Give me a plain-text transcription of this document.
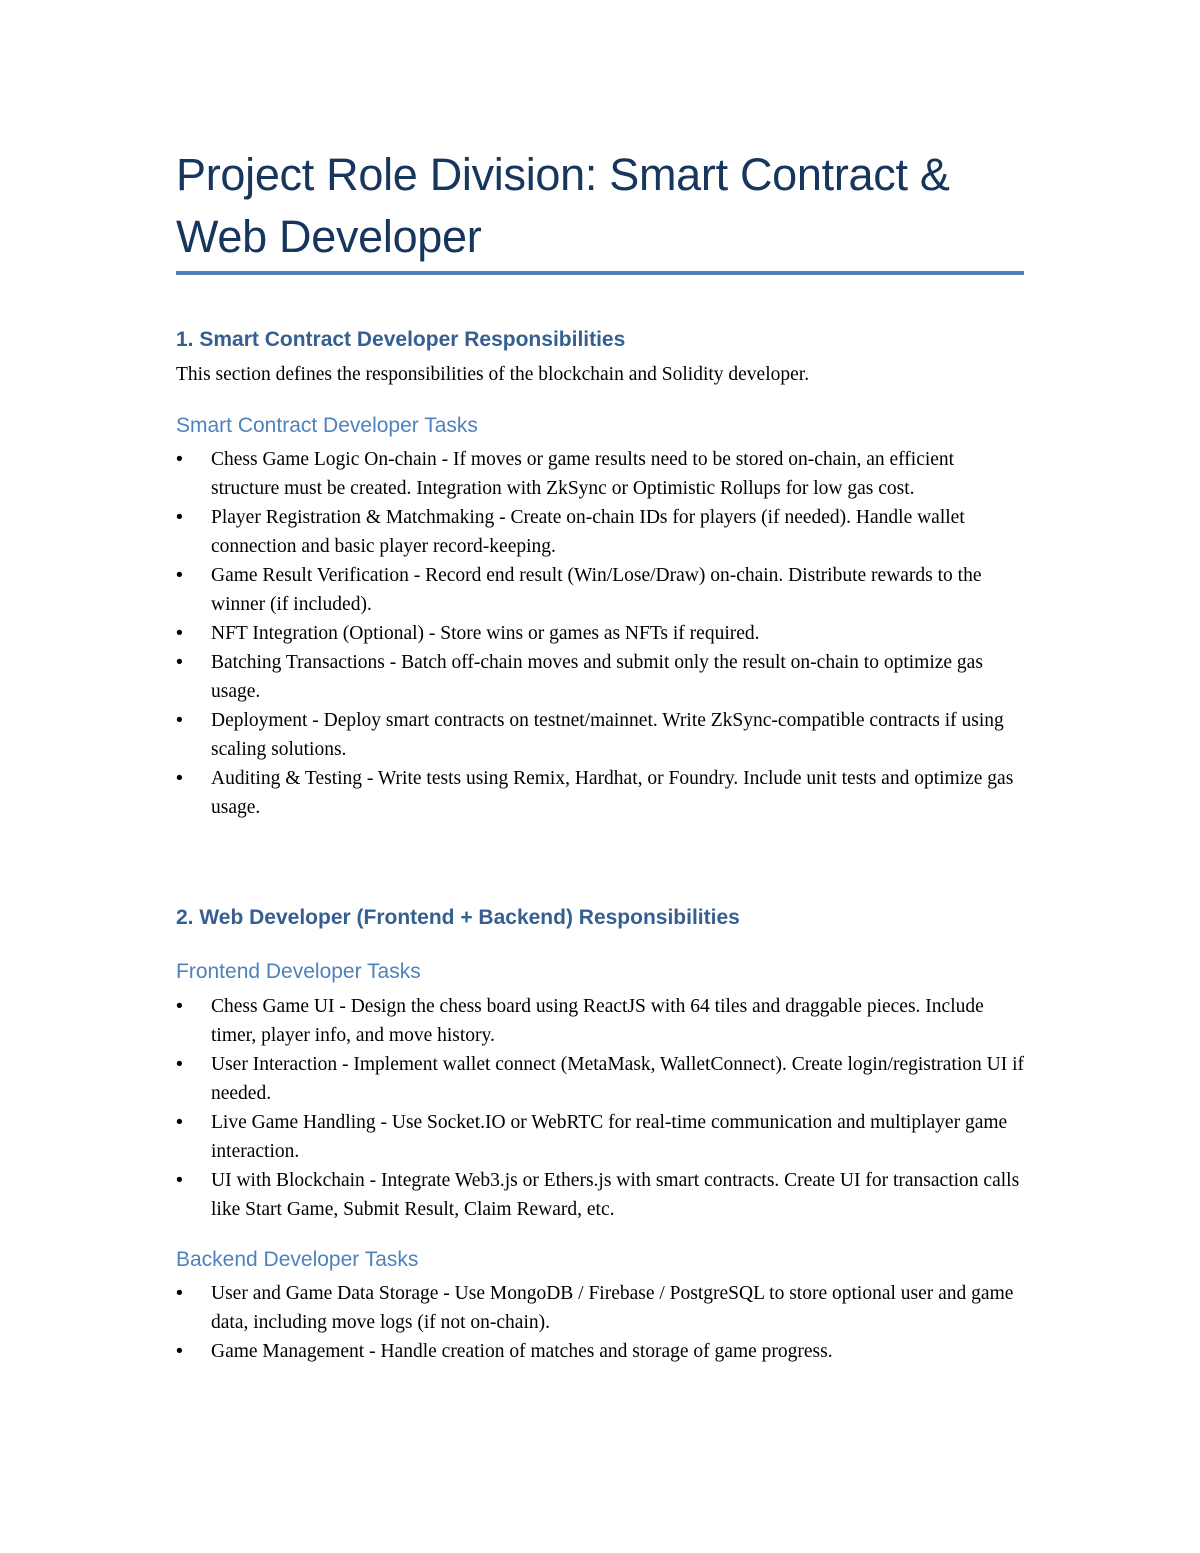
Project Role Division: Smart Contract & Web Developer
1. Smart Contract Developer Responsibilities
This section defines the responsibilities of the blockchain and Solidity developer.
Smart Contract Developer Tasks
• Chess Game Logic On-chain - If moves or game results need to be stored on-chain, an efficient structure must be created. Integration with ZkSync or Optimistic Rollups for low gas cost.
• Player Registration & Matchmaking - Create on-chain IDs for players (if needed). Handle wallet connection and basic player record-keeping.
• Game Result Verification - Record end result (Win/Lose/Draw) on-chain. Distribute rewards to the winner (if included).
• NFT Integration (Optional) - Store wins or games as NFTs if required.
• Batching Transactions - Batch off-chain moves and submit only the result on-chain to optimize gas usage.
• Deployment - Deploy smart contracts on testnet/mainnet. Write ZkSync-compatible contracts if using scaling solutions.
• Auditing & Testing - Write tests using Remix, Hardhat, or Foundry. Include unit tests and optimize gas usage.
2. Web Developer (Frontend + Backend) Responsibilities
Frontend Developer Tasks
• Chess Game UI - Design the chess board using ReactJS with 64 tiles and draggable pieces. Include timer, player info, and move history.
• User Interaction - Implement wallet connect (MetaMask, WalletConnect). Create login/registration UI if needed.
• Live Game Handling - Use Socket.IO or WebRTC for real-time communication and multiplayer game interaction.
• UI with Blockchain - Integrate Web3.js or Ethers.js with smart contracts. Create UI for transaction calls like Start Game, Submit Result, Claim Reward, etc.
Backend Developer Tasks
• User and Game Data Storage - Use MongoDB / Firebase / PostgreSQL to store optional user and game data, including move logs (if not on-chain).
• Game Management - Handle creation of matches and storage of game progress.
